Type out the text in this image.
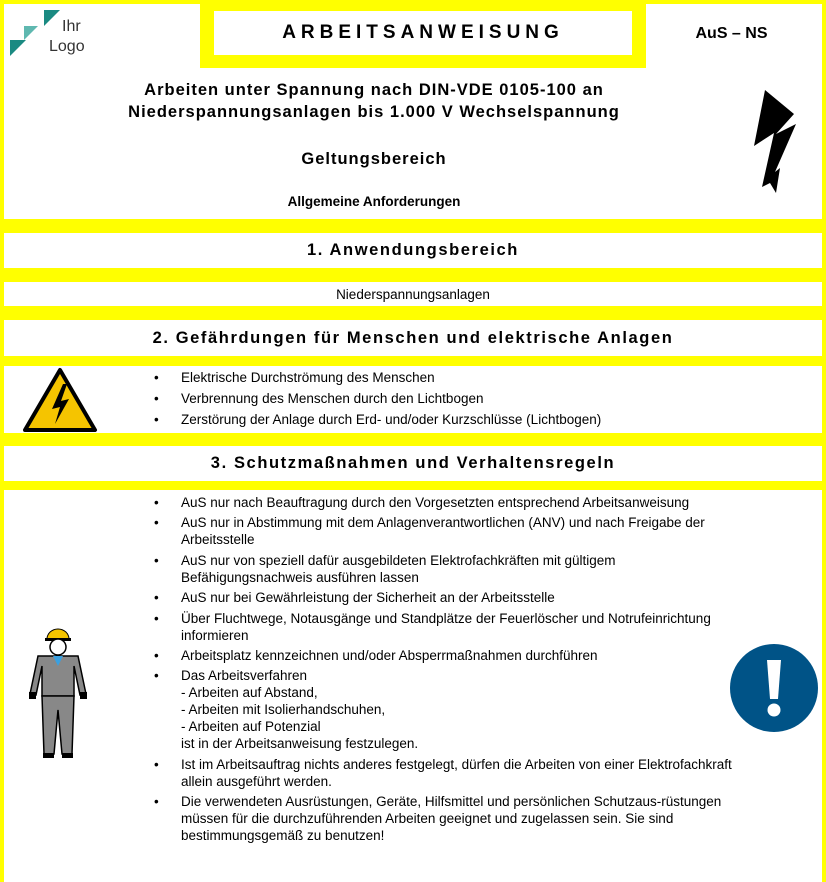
Ihr
Logo
ARBEITSANWEISUNG	AuS – NS
Arbeiten unter Spannung nach DIN-VDE 0105-100 an
Niederspannungsanlagen bis 1.000 V Wechselspannung
Geltungsbereich
Allgemeine Anforderungen
1. Anwendungsbereich
Niederspannungsanlagen
2. Gefährdungen für Menschen und elektrische Anlagen
• Elektrische Durchströmung des Menschen
• Verbrennung des Menschen durch den Lichtbogen
• Zerstörung der Anlage durch Erd- und/oder Kurzschlüsse (Lichtbogen)
3. Schutzmaßnahmen und Verhaltensregeln
• AuS nur nach Beauftragung durch den Vorgesetzten entsprechend Arbeitsanweisung
• AuS nur in Abstimmung mit dem Anlagenverantwortlichen (ANV) und nach Freigabe der Arbeitsstelle
• AuS nur von speziell dafür ausgebildeten Elektrofachkräften mit gültigem Befähigungsnachweis ausführen lassen
• AuS nur bei Gewährleistung der Sicherheit an der Arbeitsstelle
• Über Fluchtwege, Notausgänge und Standplätze der Feuerlöscher und Notrufeinrichtung informieren
• Arbeitsplatz kennzeichnen und/oder Absperrmaßnahmen durchführen
• Das Arbeitsverfahren
- Arbeiten auf Abstand,
- Arbeiten mit Isolierhandschuhen,
- Arbeiten auf Potenzial
ist in der Arbeitsanweisung festzulegen.
• Ist im Arbeitsauftrag nichts anderes festgelegt, dürfen die Arbeiten von einer Elektrofachkraft allein ausgeführt werden.
• Die verwendeten Ausrüstungen, Geräte, Hilfsmittel und persönlichen Schutzaus-rüstungen müssen für die durchzuführenden Arbeiten geeignet und zugelassen sein. Sie sind bestimmungsgemäß zu benutzen!
